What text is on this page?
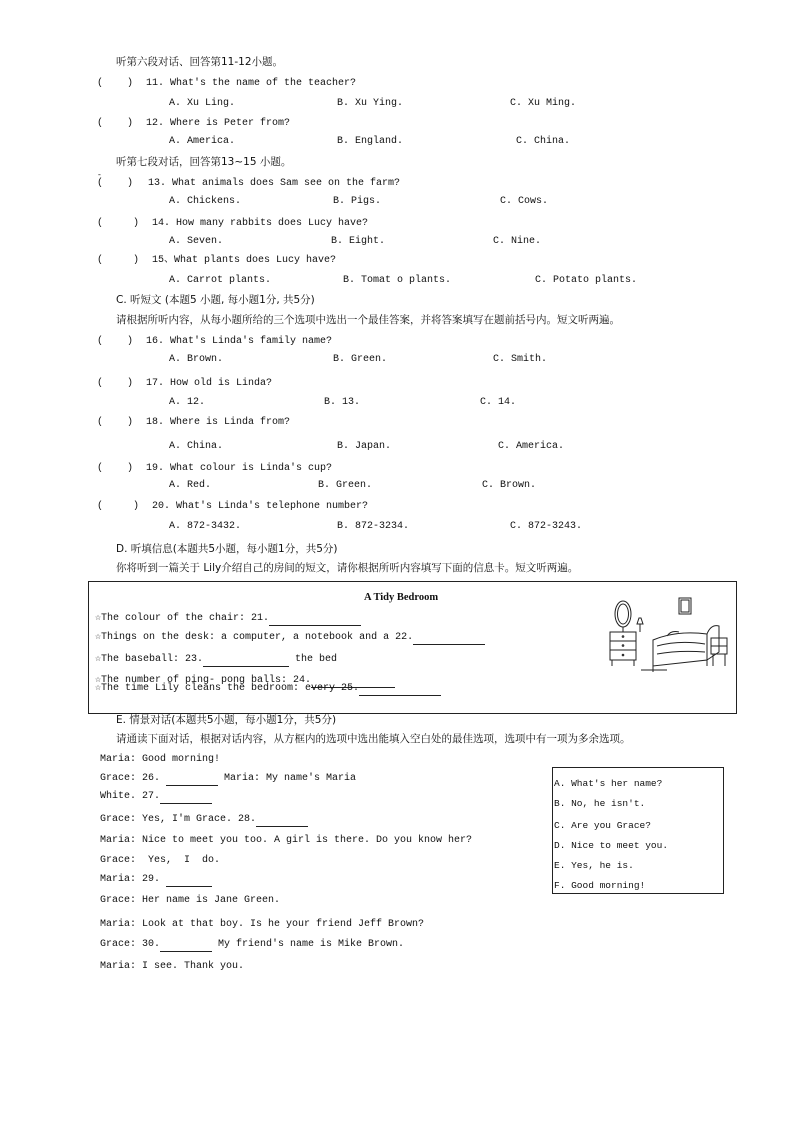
听第六段对话、回答第11-12小题。
(    ) 11. What's the name of the teacher?
A. Xu Ling.	B. Xu Ying.	C. Xu Ming.
(    ) 12. Where is Peter from?
A. America.	B. England.	C. China.
听第七段对话，回答第13~15 小题。
-
(    ) 13. What animals does Sam see on the farm?
A. Chickens.	B. Pigs.	C. Cows.
(     ) 14. How many rabbits does Lucy have?
A. Seven.	B. Eight.	C. Nine.
(     ) 15、What plants does Lucy have?
A. Carrot plants.	B. Tomat o plants.	C. Potato plants.
C. 听短文 (本题5 小题, 每小题1分, 共5分)
请根据所听内容，从每小题所给的三个选项中选出一个最佳答案，并将答案填写在题前括号内。短文听两遍。
(    ) 16. What's Linda's family name?
A. Brown.	B. Green.	C. Smith.
(    ) 17. How old is Linda?
A. 12.	B. 13.	C. 14.
(    ) 18. Where is Linda from?
A. China.	B. Japan.	C. America.
(    ) 19. What colour is Linda's cup?
A. Red.	B. Green.	C. Brown.
(     ) 20. What's Linda's telephone number?
A. 872-3432.	B. 872-3234.	C. 872-3243.
D. 听填信息(本题共5小题，每小题1分，共5分)
你将听到一篇关于 Lily介绍自己的房间的短文，请你根据所听内容填写下面的信息卡。短文听两遍。
A Tidy Bedroom
☆The colour of the chair: 21.
☆Things on the desk: a computer, a notebook and a 22.
☆The baseball: 23.	the bed
☆The number of ping- pong balls: 24.
☆The time Lily cleans the bedroom: every 25.
E. 情景对话(本题共5小题，每小题1分，共5分)
请通读下面对话，根据对话内容，从方框内的选项中选出能填入空白处的最佳选项，选项中有一项为多余选项。
Maria: Good morning!
Grace: 26.	Maria: My name's Maria
White. 27.
Grace: Yes, I'm Grace. 28.
Maria: Nice to meet you too. A girl is there. Do you know her?
Grace:  Yes,  I  do.
Maria: 29.
Grace: Her name is Jane Green.
Maria: Look at that boy. Is he your friend Jeff Brown?
Grace: 30.	My friend's name is Mike Brown.
Maria: I see. Thank you.
A. What's her name?
B. No, he isn't.
C. Are you Grace?
D. Nice to meet you.
E. Yes, he is.
F. Good morning!
